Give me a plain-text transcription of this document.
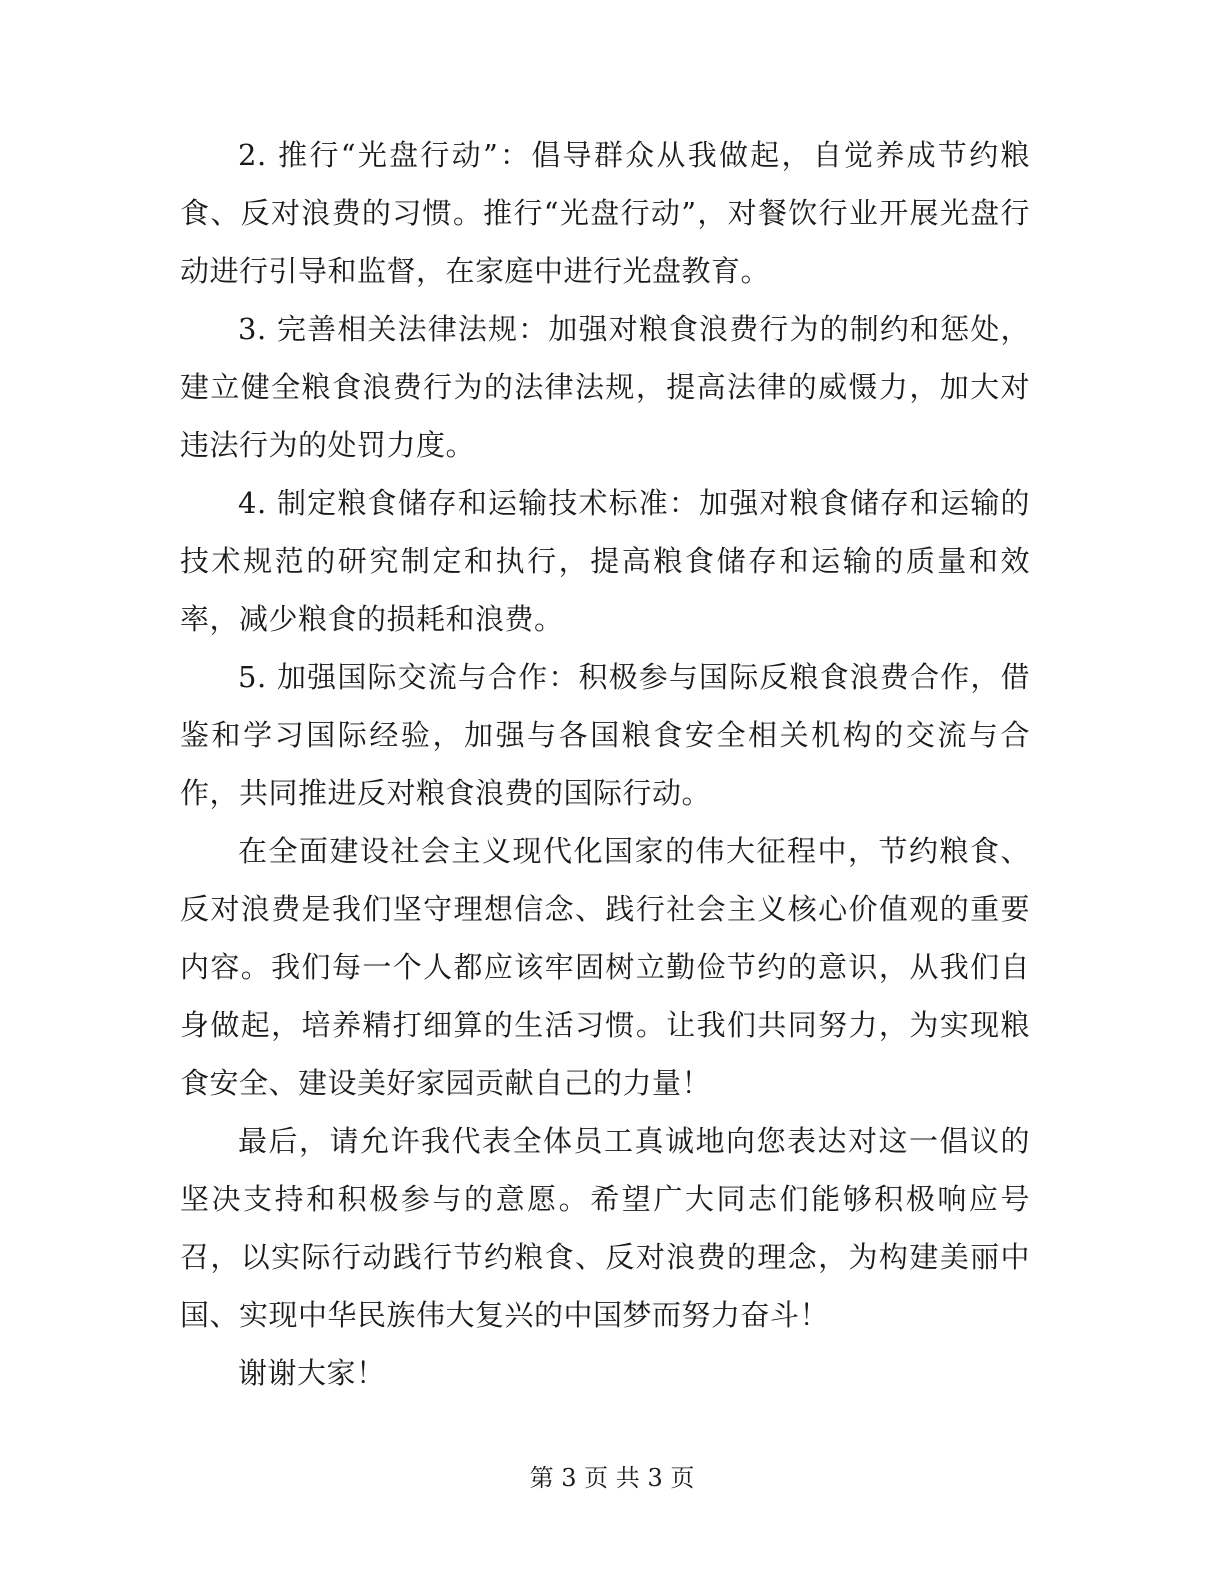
2. 推行“光盘行动”：倡导群众从我做起，自觉养成节约粮食、反对浪费的习惯。推行“光盘行动”，对餐饮行业开展光盘行动进行引导和监督，在家庭中进行光盘教育。

3. 完善相关法律法规：加强对粮食浪费行为的制约和惩处，建立健全粮食浪费行为的法律法规，提高法律的威慑力，加大对违法行为的处罚力度。

4. 制定粮食储存和运输技术标准：加强对粮食储存和运输的技术规范的研究制定和执行，提高粮食储存和运输的质量和效率，减少粮食的损耗和浪费。

5. 加强国际交流与合作：积极参与国际反粮食浪费合作，借鉴和学习国际经验，加强与各国粮食安全相关机构的交流与合作，共同推进反对粮食浪费的国际行动。

在全面建设社会主义现代化国家的伟大征程中，节约粮食、反对浪费是我们坚守理想信念、践行社会主义核心价值观的重要内容。我们每一个人都应该牢固树立勤俭节约的意识，从我们自身做起，培养精打细算的生活习惯。让我们共同努力，为实现粮食安全、建设美好家园贡献自己的力量！

最后，请允许我代表全体员工真诚地向您表达对这一倡议的坚决支持和积极参与的意愿。希望广大同志们能够积极响应号召，以实际行动践行节约粮食、反对浪费的理念，为构建美丽中国、实现中华民族伟大复兴的中国梦而努力奋斗！

谢谢大家！

第 3 页 共 3 页
